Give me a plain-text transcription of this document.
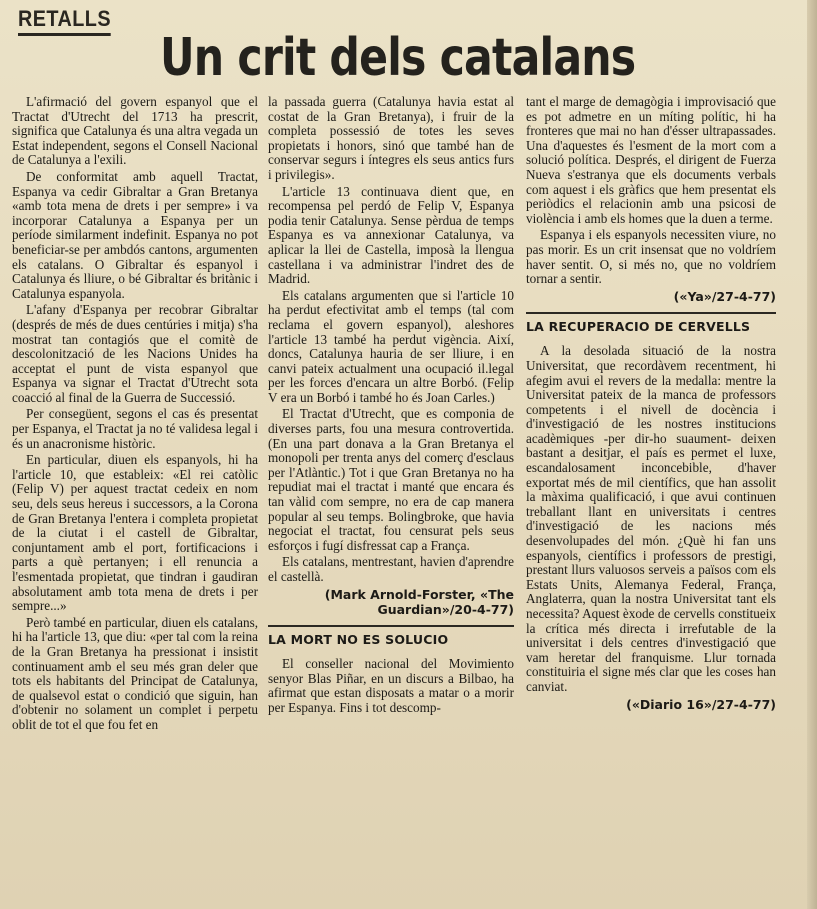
RETALLS
Un crit dels catalans

L'afirmació del govern espanyol que el Tractat d'Utrecht del 1713 ha prescrit, significa que Catalunya és una altra vegada un Estat independent, segons el Consell Nacional de Catalunya a l'exili.

De conformitat amb aquell Tractat, Espanya va cedir Gibraltar a Gran Bretanya «amb tota mena de drets i per sempre» i va incorporar Catalunya a Espanya per un període similarment indefinit. Espanya no pot beneficiar-se per ambdós cantons, argumenten els catalans. O Gibraltar és espanyol i Catalunya és lliure, o bé Gibraltar és britànic i Catalunya espanyola.

L'afany d'Espanya per recobrar Gibraltar (després de més de dues centúries i mitja) s'ha mostrat tan contagiós que el comitè de descolonització de les Nacions Unides ha acceptat el punt de vista espanyol que Espanya va signar el Tractat d'Utrecht sota coacció al final de la Guerra de Successió.

Per consegüent, segons el cas és presentat per Espanya, el Tractat ja no té validesa legal i és un anacronisme històric.

En particular, diuen els espanyols, hi ha l'article 10, que estableix: «El rei catòlic (Felip V) per aquest tractat cedeix en nom seu, dels seus hereus i successors, a la Corona de Gran Bretanya l'entera i completa propietat de la ciutat i el castell de Gibraltar, conjuntament amb el port, fortificacions i parts a què pertanyen; i ell renuncia a l'esmentada propietat, que tindran i gaudiran absolutament amb tota mena de drets i per sempre...»

Però també en particular, diuen els catalans, hi ha l'article 13, que diu: «per tal com la reina de la Gran Bretanya ha pressionat i insistit continuament amb el seu més gran deler que tots els habitants del Principat de Catalunya, de qualsevol estat o condició que siguin, han d'obtenir no solament un complet i perpetu oblit de tot el que fou fet en

la passada guerra (Catalunya havia estat al costat de la Gran Bretanya), i fruir de la completa possessió de totes les seves propietats i honors, sinó que també han de conservar segurs i íntegres els seus antics furs i privilegis».

L'article 13 continuava dient que, en recompensa pel perdó de Felip V, Espanya podia tenir Catalunya. Sense pèrdua de temps Espanya es va annexionar Catalunya, va aplicar la llei de Castella, imposà la llengua castellana i va administrar l'indret des de Madrid.

Els catalans argumenten que si l'article 10 ha perdut efectivitat amb el temps (tal com reclama el govern espanyol), aleshores l'article 13 també ha perdut vigència. Així, doncs, Catalunya hauria de ser lliure, i en canvi pateix actualment una ocupació il.legal per les forces d'encara un altre Borbó. (Felip V era un Borbó i també ho és Joan Carles.)

El Tractat d'Utrecht, que es componia de diverses parts, fou una mesura controvertida. (En una part donava a la Gran Bretanya el monopoli per trenta anys del comerç d'esclaus per l'Atlàntic.) Tot i que Gran Bretanya no ha repudiat mai el tractat i manté que encara és tan vàlid com sempre, no era de cap manera popular al seu temps. Bolingbroke, que havia negociat el tractat, fou censurat pels seus esforços i fugí disfressat cap a França.

Els catalans, mentrestant, havien d'aprendre el castellà.

(Mark Arnold-Forster, «The Guardian»/20-4-77)
LA MORT NO ES SOLUCIO

El conseller nacional del Movimiento senyor Blas Piñar, en un discurs a Bilbao, ha afirmat que estan disposats a matar o a morir per Espanya. Fins i tot descomp-

tant el marge de demagògia i improvisació que es pot admetre en un míting polític, hi ha fronteres que mai no han d'ésser ultrapassades. Una d'aquestes és l'esment de la mort com a solució política. Després, el dirigent de Fuerza Nueva s'estranya que els documents verbals com aquest i els gràfics que hem presentat els periòdics el relacionin amb una psicosi de violència i amb els homes que la duen a terme.

Espanya i els espanyols necessiten viure, no pas morir. Es un crit insensat que no voldríem haver sentit. O, si més no, que no voldríem tornar a sentir.

(«Ya»/27-4-77)
LA RECUPERACIO DE CERVELLS

A la desolada situació de la nostra Universitat, que recordàvem recentment, hi afegim avui el revers de la medalla: mentre la Universitat pateix de la manca de professors competents i el nivell de docència i d'investigació de les nostres institucions acadèmiques -per dir-ho suaument- deixen bastant a desitjar, el país es permet el luxe, escandalosament inconcebible, d'haver exportat més de mil científics, que han assolit la màxima qualificació, i que avui continuen treballant llant en universitats i centres d'investigació de les nacions més desenvolupades del món. ¿Què hi fan uns espanyols, científics i professors de prestigi, prestant llurs valuosos serveis a països com els Estats Units, Alemanya Federal, França, Anglaterra, quan la nostra Universitat tant els necessita? Aquest èxode de cervells constitueix la crítica més directa i irrefutable de la universitat i dels centres d'investigació que vam heretar del franquisme. Llur tornada constituiria el signe més clar que les coses han canviat.

(«Diario 16»/27-4-77)
